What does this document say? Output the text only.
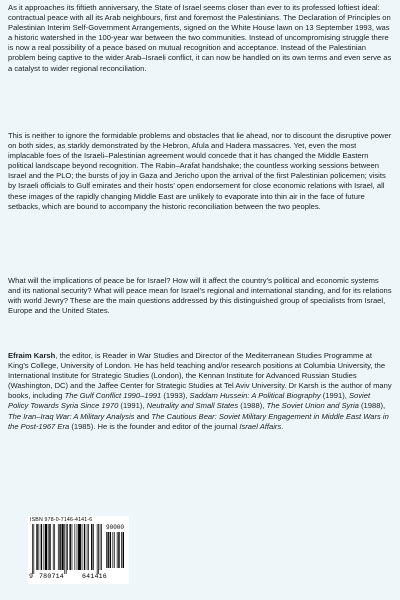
As it approaches its fiftieth anniversary, the State of Israel seems closer than ever to its professed loftiest ideal: contractual peace with all its Arab neighbours, first and foremost the Palestinians. The Declaration of Principles on Palestinian Interim Self-Government Arrangements, signed on the White House lawn on 13 September 1993, was a historic watershed in the 100-year war between the two communities. Instead of uncompromising struggle there is now a real possibility of a peace based on mutual recognition and acceptance. Instead of the Palestinian problem being captive to the wider Arab–Israeli conflict, it can now be handled on its own terms and even serve as a catalyst to wider regional reconciliation.

This is neither to ignore the formidable problems and obstacles that lie ahead, nor to discount the disruptive power on both sides, as starkly demonstrated by the Hebron, Afula and Hadera massacres. Yet, even the most implacable foes of the Israeli–Palestinian agreement would concede that it has changed the Middle Eastern political landscape beyond recognition. The Rabin–Arafat handshake; the countless working sessions between Israel and the PLO; the bursts of joy in Gaza and Jericho upon the arrival of the first Palestinian policemen; visits by Israeli officials to Gulf emirates and their hosts’ open endorsement for close economic relations with Israel, all these images of the rapidly changing Middle East are unlikely to evaporate into thin air in the face of future setbacks, which are bound to accompany the historic reconciliation between the two peoples.

What will the implications of peace be for Israel? How will it affect the country’s political and economic systems and its national security? What will peace mean for Israel’s regional and international standing, and for its relations with world Jewry? These are the main questions addressed by this distinguished group of specialists from Israel, Europe and the United States.

Efraim Karsh, the editor, is Reader in War Studies and Director of the Mediterranean Studies Programme at King’s College, University of London. He has held teaching and/or research positions at Columbia University, the International Institute for Strategic Studies (London), the Kennan Institute for Advanced Russian Studies (Washington, DC) and the Jaffee Center for Strategic Studies at Tel Aviv University. Dr Karsh is the author of many books, including The Gulf Conflict 1990–1991 (1993), Saddam Hussein: A Political Biography (1991), Soviet Policy Towards Syria Since 1970 (1991), Neutrality and Small States (1988), The Soviet Union and Syria (1988), The Iran–Iraq War: A Military Analysis and The Cautious Bear: Soviet Military Engagement in Middle East Wars in the Post-1967 Era (1985). He is the founder and editor of the journal Israel Affairs.

ISBN 978-0-7146-4141-6
90000
9 780714	641416
